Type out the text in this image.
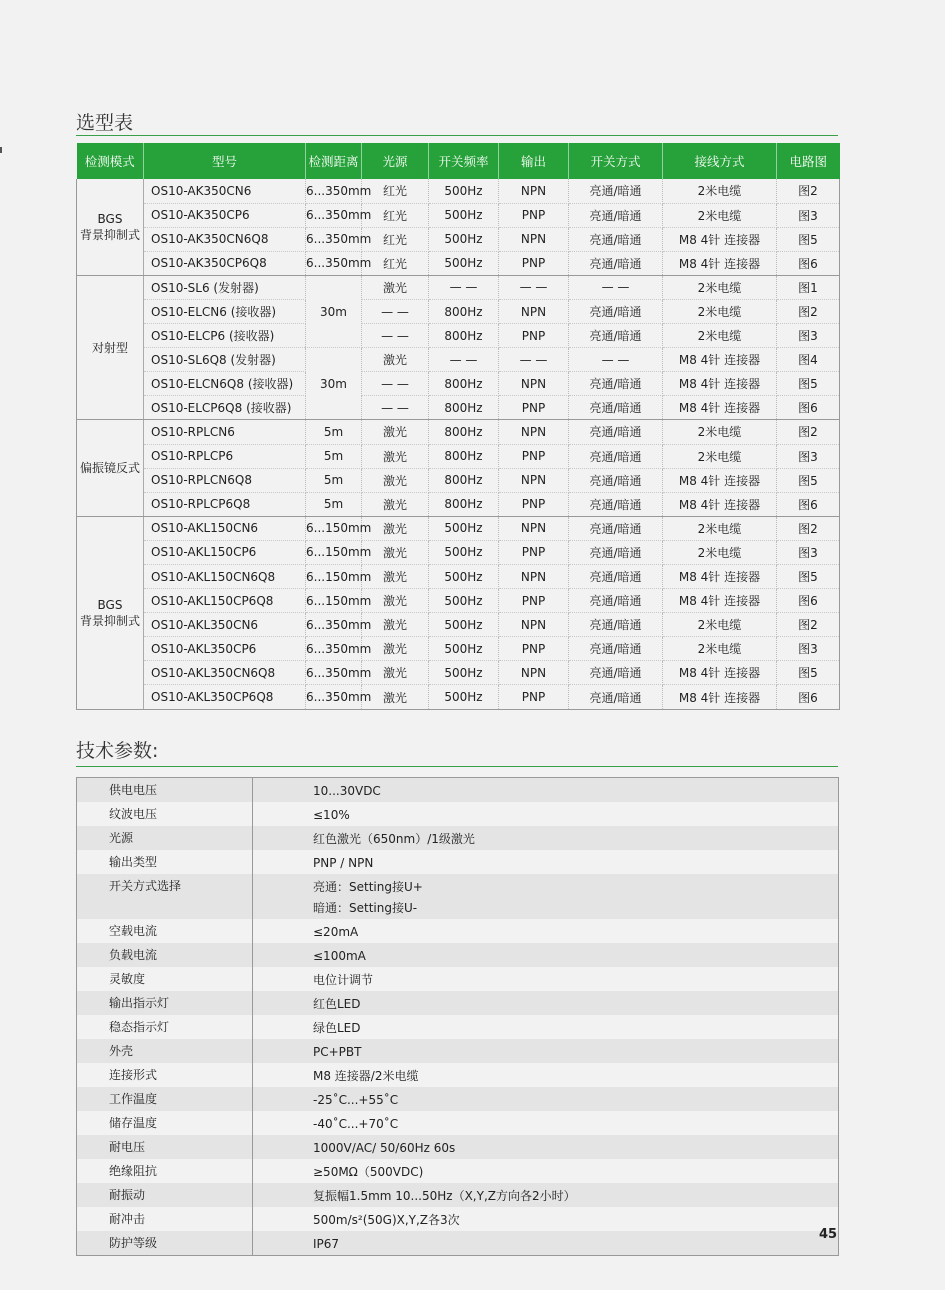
选型表
检测模式	型号	检测距离	光源	开关频率	输出	开关方式	接线方式	电路图

BGS
背景抑制式	OS10-AK350CN6	6...350mm	红光	500Hz	NPN	亮通/暗通	2米电缆	图2
	OS10-AK350CP6	6...350mm	红光	500Hz	PNP	亮通/暗通	2米电缆	图3
	OS10-AK350CN6Q8	6...350mm	红光	500Hz	NPN	亮通/暗通	M8 4针 连接器	图5
	OS10-AK350CP6Q8	6...350mm	红光	500Hz	PNP	亮通/暗通	M8 4针 连接器	图6

对射型	OS10-SL6 (发射器)	30m	激光	— —	— —	— —	2米电缆	图1
	OS10-ELCN6 (接收器)		— —	800Hz	NPN	亮通/暗通	2米电缆	图2
	OS10-ELCP6 (接收器)		— —	800Hz	PNP	亮通/暗通	2米电缆	图3
	OS10-SL6Q8 (发射器)	30m	激光	— —	— —	— —	M8 4针 连接器	图4
	OS10-ELCN6Q8 (接收器)		— —	800Hz	NPN	亮通/暗通	M8 4针 连接器	图5
	OS10-ELCP6Q8 (接收器)		— —	800Hz	PNP	亮通/暗通	M8 4针 连接器	图6

偏振镜反式	OS10-RPLCN6	5m	激光	800Hz	NPN	亮通/暗通	2米电缆	图2
	OS10-RPLCP6	5m	激光	800Hz	PNP	亮通/暗通	2米电缆	图3
	OS10-RPLCN6Q8	5m	激光	800Hz	NPN	亮通/暗通	M8 4针 连接器	图5
	OS10-RPLCP6Q8	5m	激光	800Hz	PNP	亮通/暗通	M8 4针 连接器	图6

BGS
背景抑制式	OS10-AKL150CN6	6...150mm	激光	500Hz	NPN	亮通/暗通	2米电缆	图2
	OS10-AKL150CP6	6...150mm	激光	500Hz	PNP	亮通/暗通	2米电缆	图3
	OS10-AKL150CN6Q8	6...150mm	激光	500Hz	NPN	亮通/暗通	M8 4针 连接器	图5
	OS10-AKL150CP6Q8	6...150mm	激光	500Hz	PNP	亮通/暗通	M8 4针 连接器	图6
	OS10-AKL350CN6	6...350mm	激光	500Hz	NPN	亮通/暗通	2米电缆	图2
	OS10-AKL350CP6	6...350mm	激光	500Hz	PNP	亮通/暗通	2米电缆	图3
	OS10-AKL350CN6Q8	6...350mm	激光	500Hz	NPN	亮通/暗通	M8 4针 连接器	图5
	OS10-AKL350CP6Q8	6...350mm	激光	500Hz	PNP	亮通/暗通	M8 4针 连接器	图6
技术参数:
供电电压	10...30VDC

纹波电压	≤10%

光源	红色激光（650nm）/1级激光

输出类型	PNP / NPN

开关方式选择	亮通：Setting接U+
暗通：Setting接U-

空载电流	≤20mA

负载电流	≤100mA

灵敏度	电位计调节

输出指示灯	红色LED

稳态指示灯	绿色LED

外壳	PC+PBT

连接形式	M8 连接器/2米电缆

工作温度	-25˚C...+55˚C

储存温度	-40˚C...+70˚C

耐电压	1000V/AC/ 50/60Hz 60s

绝缘阻抗	≥50MΩ（500VDC)

耐振动	复振幅1.5mm 10...50Hz（X,Y,Z方向各2小时）

耐冲击	500m/s²(50G)X,Y,Z各3次

防护等级	IP67
45
